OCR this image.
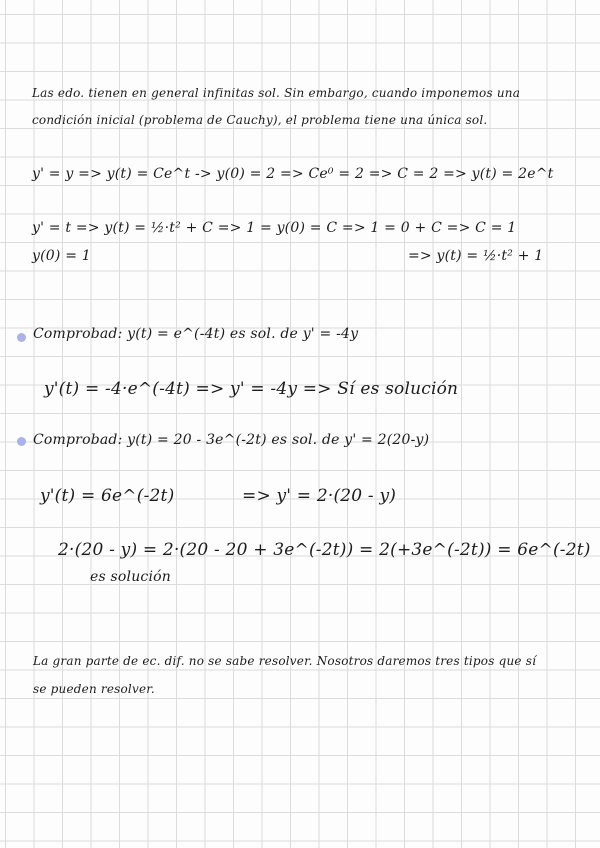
Las edo. tienen en general infinitas sol. Sin embargo, cuando imponemos una
condición inicial (problema de Cauchy), el problema tiene una única sol.
y' = y => y(t) = Ce^t -> y(0) = 2 => Ce⁰ = 2 => C = 2 => y(t) = 2e^t
y' = t => y(t) = ½·t² + C => 1 = y(0) = C => 1 = 0 + C => C = 1
y(0) = 1	=> y(t) = ½·t² + 1
Comprobad: y(t) = e^(-4t) es sol. de y' = -4y
y'(t) = -4·e^(-4t) => y' = -4y => Sí es solución
Comprobad: y(t) = 20 - 3e^(-2t) es sol. de y' = 2(20-y)
y'(t) = 6e^(-2t)	=> y' = 2·(20 - y)
2·(20 - y) = 2·(20 - 20 + 3e^(-2t)) = 2(+3e^(-2t)) = 6e^(-2t)
es solución
La gran parte de ec. dif. no se sabe resolver. Nosotros daremos tres tipos que sí
se pueden resolver.
